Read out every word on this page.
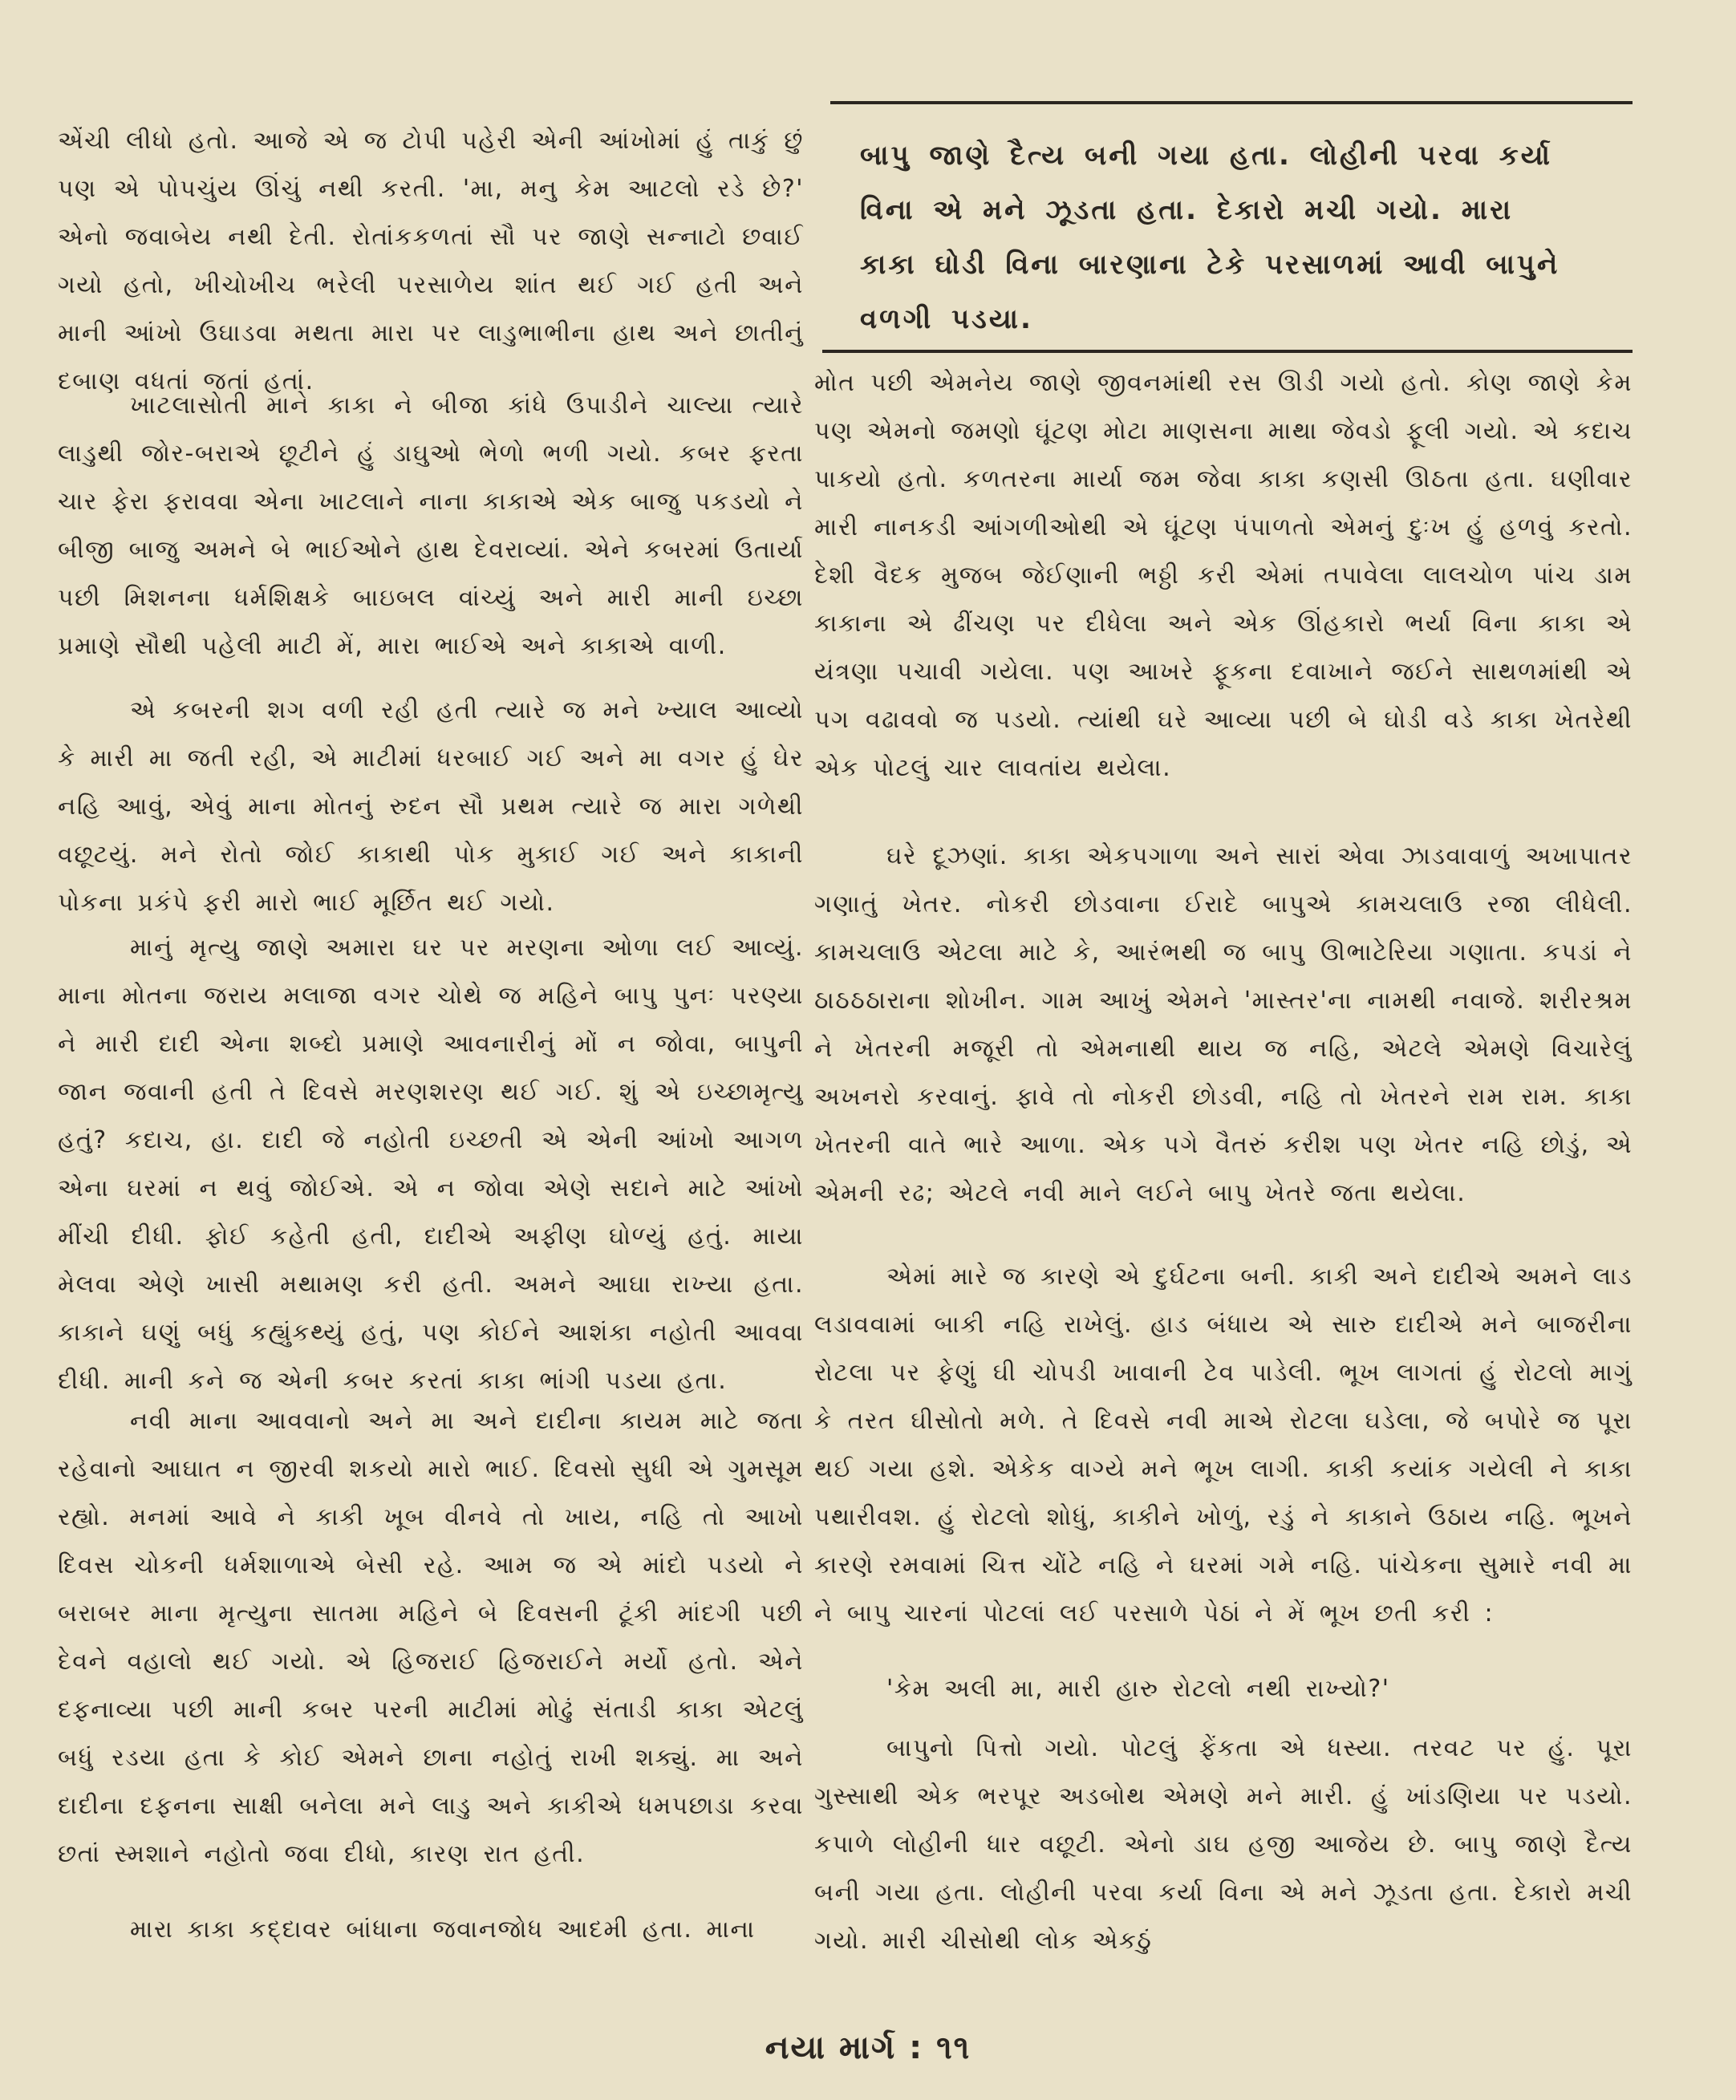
એંચી લીધો હતો. આજે એ જ ટોપી પહેરી એની આંખોમાં હું તાકું છું પણ એ પોપચુંય ઊંચું નથી કરતી. 'મા, મનુ કેમ આટલો રડે છે?' એનો જવાબેય નથી દેતી. રોતાંકકળતાં સૌ પર જાણે સન્નાટો છવાઈ ગયો હતો, ખીચોખીચ ભરેલી પરસાળેય શાંત થઈ ગઈ હતી અને માની આંખો ઉઘાડવા મથતા મારા પર લાડુભાભીના હાથ અને છાતીનું દબાણ વધતાં જતાં હતાં.

ખાટલાસોતી માને કાકા ને બીજા કાંધે ઉપાડીને ચાલ્યા ત્યારે લાડુથી જોર-બરાએ છૂટીને હું ડાઘુઓ ભેળો ભળી ગયો. કબર ફરતા ચાર ફેરા ફરાવવા એના ખાટલાને નાના કાકાએ એક બાજુ પકડયો ને બીજી બાજુ અમને બે ભાઈઓને હાથ દેવરાવ્યાં. એને કબરમાં ઉતાર્યા પછી મિશનના ધર્મશિક્ષકે બાઇબલ વાંચ્યું અને મારી માની ઇચ્છા પ્રમાણે સૌથી પહેલી માટી મેં, મારા ભાઈએ અને કાકાએ વાળી.

એ કબરની શગ વળી રહી હતી ત્યારે જ મને ખ્યાલ આવ્યો કે મારી મા જતી રહી, એ માટીમાં ધરબાઈ ગઈ અને મા વગર હું ઘેર નહિ આવું, એવું માના મોતનું રુદન સૌ પ્રથમ ત્યારે જ મારા ગળેથી વછૂટયું. મને રોતો જોઈ કાકાથી પોક મુકાઈ ગઈ અને કાકાની પોકના પ્રકંપે ફરી મારો ભાઈ મૂર્છિત થઈ ગયો.

માનું મૃત્યુ જાણે અમારા ઘર પર મરણના ઓળા લઈ આવ્યું. માના મોતના જરાય મલાજા વગર ચોથે જ મહિને બાપુ પુનઃ પરણ્યા ને મારી દાદી એના શબ્દો પ્રમાણે આવનારીનું મોં ન જોવા, બાપુની જાન જવાની હતી તે દિવસે મરણશરણ થઈ ગઈ. શું એ ઇચ્છામૃત્યુ હતું? કદાચ, હા. દાદી જે નહોતી ઇચ્છતી એ એની આંખો આગળ એના ઘરમાં ન થવું જોઈએ. એ ન જોવા એણે સદાને માટે આંખો મીંચી દીધી. ફોઈ કહેતી હતી, દાદીએ અફીણ ઘોળ્યું હતું. માયા મેલવા એણે ખાસી મથામણ કરી હતી. અમને આઘા રાખ્યા હતા. કાકાને ઘણું બધું કહ્યુંકથ્યું હતું, પણ કોઈને આશંકા નહોતી આવવા દીધી. માની કને જ એની કબર કરતાં કાકા ભાંગી પડયા હતા.

નવી માના આવવાનો અને મા અને દાદીના કાયમ માટે જતા રહેવાનો આઘાત ન જીરવી શકયો મારો ભાઈ. દિવસો સુધી એ ગુમસૂમ રહ્યો. મનમાં આવે ને કાકી ખૂબ વીનવે તો ખાય, નહિ તો આખો દિવસ ચોકની ધર્મશાળાએ બેસી રહે. આમ જ એ માંદો પડયો ને બરાબર માના મૃત્યુના સાતમા મહિને બે દિવસની ટૂંકી માંદગી પછી દેવને વહાલો થઈ ગયો. એ હિજરાઈ હિજરાઈને મર્યો હતો. એને દફનાવ્યા પછી માની કબર પરની માટીમાં મોઢું સંતાડી કાકા એટલું બધું રડયા હતા કે કોઈ એમને છાના નહોતું રાખી શક્યું. મા અને દાદીના દફનના સાક્ષી બનેલા મને લાડુ અને કાકીએ ધમપછાડા કરવા છતાં સ્મશાને નહોતો જવા દીધો, કારણ રાત હતી.

મારા કાકા કદ્દાવર બાંધાના જવાનજોધ આદમી હતા. માના

બાપુ જાણે દૈત્ય બની ગયા હતા. લોહીની પરવા કર્યા વિના એ મને ઝૂડતા હતા. દેકારો મચી ગયો. મારા કાકા ઘોડી વિના બારણાના ટેકે પરસાળમાં આવી બાપુને વળગી પડયા.

મોત પછી એમનેય જાણે જીવનમાંથી રસ ઊડી ગયો હતો. કોણ જાણે કેમ પણ એમનો જમણો ઘૂંટણ મોટા માણસના માથા જેવડો ફૂલી ગયો. એ કદાચ પાકયો હતો. કળતરના માર્યા જમ જેવા કાકા કણસી ઊઠતા હતા. ઘણીવાર મારી નાનકડી આંગળીઓથી એ ઘૂંટણ પંપાળતો એમનું દુઃખ હું હળવું કરતો. દેશી વૈદક મુજબ જેઈણાની ભઠ્ઠી કરી એમાં તપાવેલા લાલચોળ પાંચ ડામ કાકાના એ ઢીંચણ પર દીધેલા અને એક ઊંહકારો ભર્યા વિના કાકા એ યંત્રણા પચાવી ગયેલા. પણ આખરે ફૂકના દવાખાને જઈને સાથળમાંથી એ પગ વઢાવવો જ પડયો. ત્યાંથી ઘરે આવ્યા પછી બે ઘોડી વડે કાકા ખેતરેથી એક પોટલું ચાર લાવતાંય થયેલા.

ઘરે દૂઝણાં. કાકા એકપગાળા અને સારાં એવા ઝાડવાવાળું અખાપાતર ગણાતું ખેતર. નોકરી છોડવાના ઈરાદે બાપુએ કામચલાઉ રજા લીધેલી. કામચલાઉ એટલા માટે કે, આરંભથી જ બાપુ ઊભાટેરિયા ગણાતા. કપડાં ને ઠાઠઠઠારાના શોખીન. ગામ આખું એમને 'માસ્તર'ના નામથી નવાજે. શરીરશ્રમ ને ખેતરની મજૂરી તો એમનાથી થાય જ નહિ, એટલે એમણે વિચારેલું અખનરો કરવાનું. ફાવે તો નોકરી છોડવી, નહિ તો ખેતરને રામ રામ. કાકા ખેતરની વાતે ભારે આળા. એક પગે વૈતરું કરીશ પણ ખેતર નહિ છોડું, એ એમની રઢ; એટલે નવી માને લઈને બાપુ ખેતરે જતા થયેલા.

એમાં મારે જ કારણે એ દુર્ઘટના બની. કાકી અને દાદીએ અમને લાડ લડાવવામાં બાકી નહિ રાખેલું. હાડ બંધાય એ સારુ દાદીએ મને બાજરીના રોટલા પર ફેણું ઘી ચોપડી ખાવાની ટેવ પાડેલી. ભૂખ લાગતાં હું રોટલો માગું કે તરત ઘીસોતો મળે. તે દિવસે નવી માએ રોટલા ઘડેલા, જે બપોરે જ પૂરા થઈ ગયા હશે. એકેક વાગ્યે મને ભૂખ લાગી. કાકી કયાંક ગયેલી ને કાકા પથારીવશ. હું રોટલો શોધું, કાકીને ખોળું, રડું ને કાકાને ઉઠાય નહિ. ભૂખને કારણે રમવામાં ચિત્ત ચોંટે નહિ ને ઘરમાં ગમે નહિ. પાંચેકના સુમારે નવી મા ને બાપુ ચારનાં પોટલાં લઈ પરસાળે પેઠાં ને મેં ભૂખ છતી કરી :

'કેમ અલી મા, મારી હારુ રોટલો નથી રાખ્યો?'

બાપુનો પિત્તો ગયો. પોટલું ફેંકતા એ ધસ્યા. તરવટ પર હું. પૂરા ગુસ્સાથી એક ભરપૂર અડબોથ એમણે મને મારી. હું ખાંડણિયા પર પડયો. કપાળે લોહીની ધાર વછૂટી. એનો ડાઘ હજી આજેય છે. બાપુ જાણે દૈત્ય બની ગયા હતા. લોહીની પરવા કર્યા વિના એ મને ઝૂડતા હતા. દેકારો મચી ગયો. મારી ચીસોથી લોક એકઠું

નયા માર્ગ : ૧૧
